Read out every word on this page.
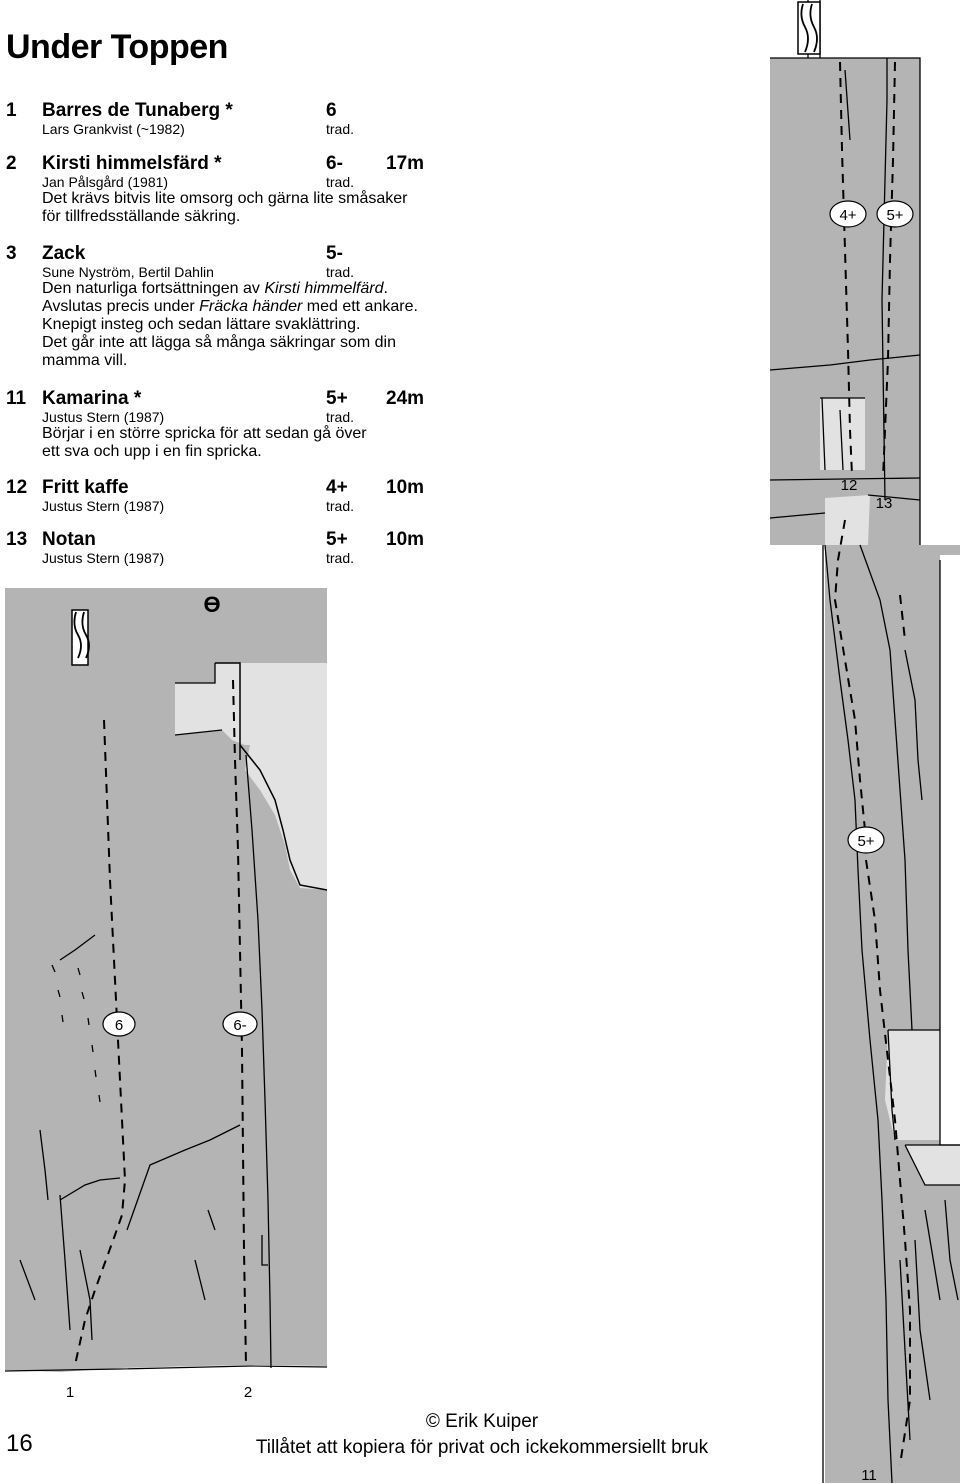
Under Toppen
1 Barres de Tunaberg *	6
Lars Grankvist (~1982)	trad.
2 Kirsti himmelsfärd *	6- 17m
Jan Pålsgård (1981)	trad.
Det krävs bitvis lite omsorg och gärna lite småsaker
för tillfredsställande säkring.
3 Zack	5-
Sune Nyström, Bertil Dahlin	trad.
Den naturliga fortsättningen av Kirsti himmelfärd.
Avslutas precis under Fräcka händer med ett ankare.
Knepigt insteg och sedan lättare svaklättring.
Det går inte att lägga så många säkringar som din
mamma vill.
11 Kamarina *	5+ 24m
Justus Stern (1987)	trad.
Börjar i en större spricka för att sedan gå över
ett sva och upp i en fin spricka.
12 Fritt kaffe	4+ 10m
Justus Stern (1987)	trad.
13 Notan	5+ 10m
Justus Stern (1987)	trad.
ϴ
6	6-
1	2
4+ 5+
5+
12
13
11
16
© Erik Kuiper
Tillåtet att kopiera för privat och ickekommersiellt bruk
